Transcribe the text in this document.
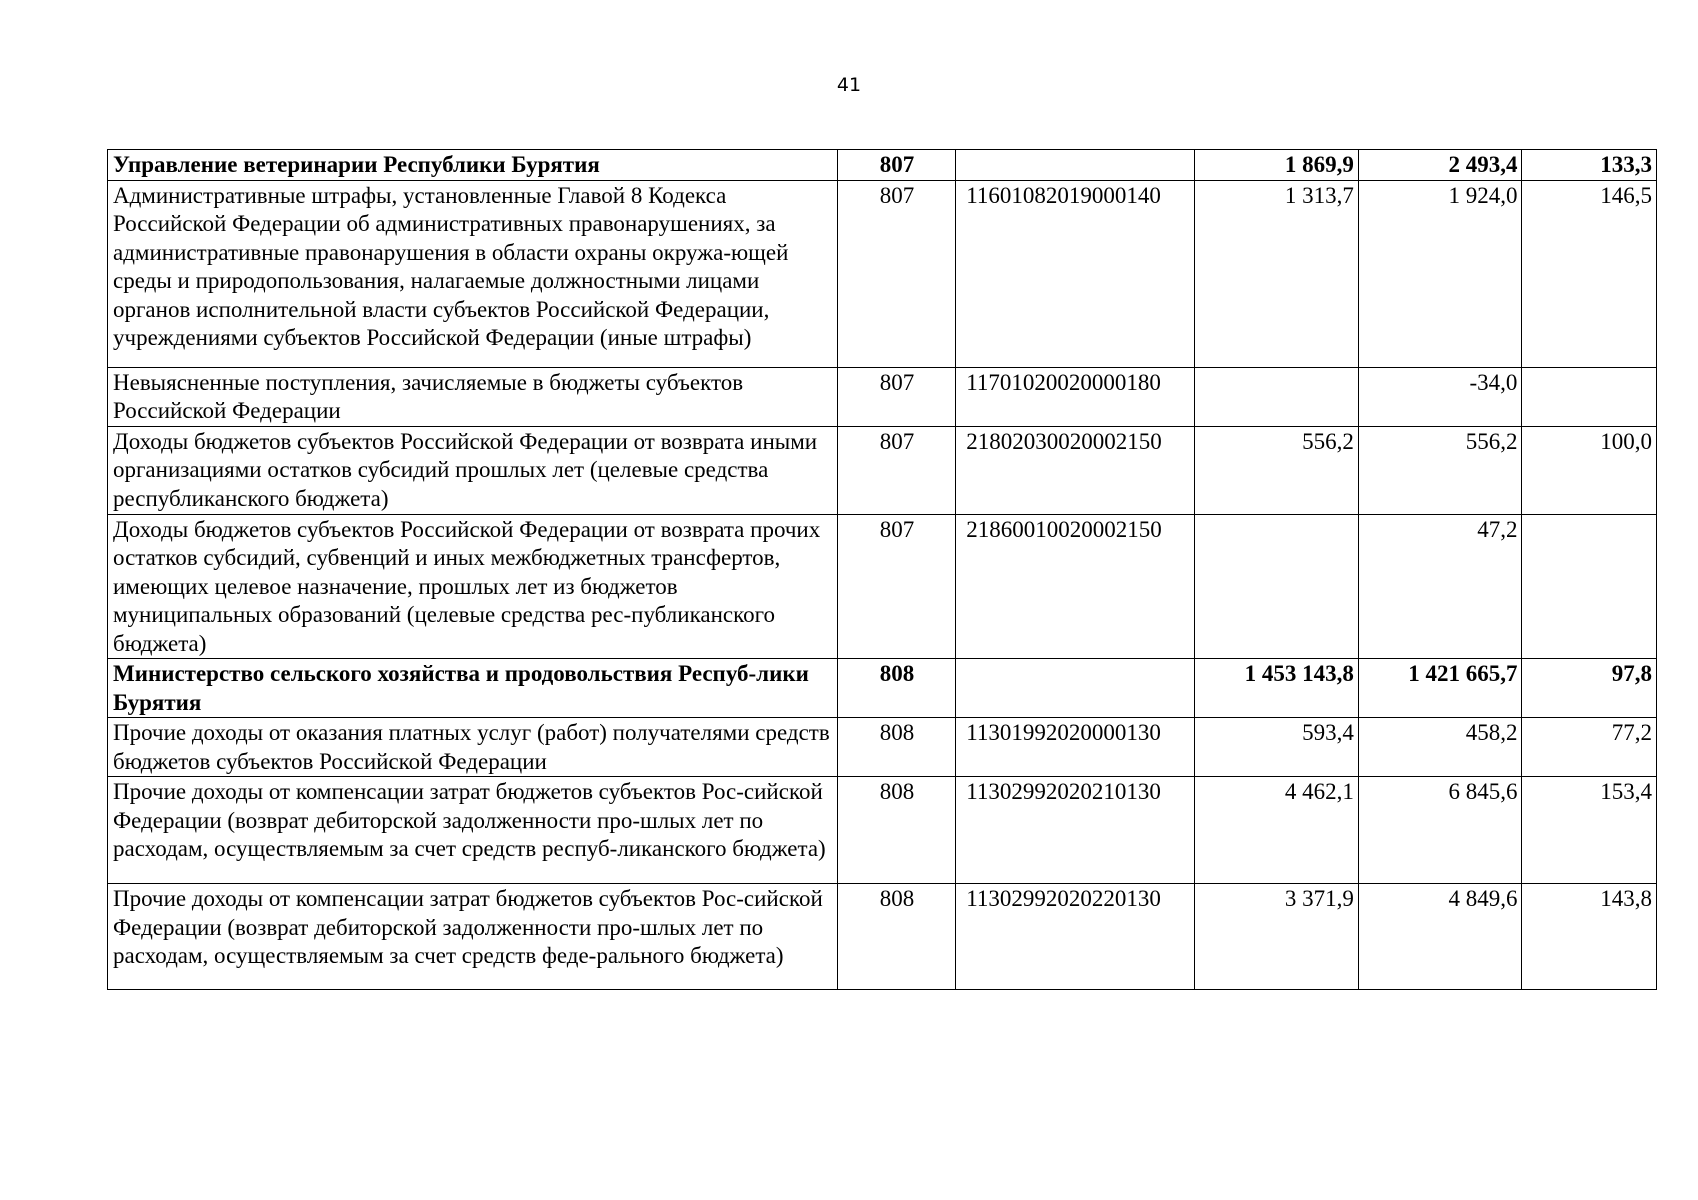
41
Управление ветеринарии Республики Бурятия	807		1 869,9	2 493,4	133,3
Административные штрафы, установленные Главой 8 Кодекса Российской Федерации об административных правонарушениях, за административные правонарушения в области охраны окружа-ющей среды и природопользования, налагаемые должностными лицами органов исполнительной власти субъектов Российской Федерации, учреждениями субъектов Российской Федерации (иные штрафы)	807	11601082019000140	1 313,7	1 924,0	146,5
Невыясненные поступления, зачисляемые в бюджеты субъектов Российской Федерации	807	11701020020000180		-34,0	
Доходы бюджетов субъектов Российской Федерации от возврата иными организациями остатков субсидий прошлых лет (целевые средства республиканского бюджета)	807	21802030020002150	556,2	556,2	100,0
Доходы бюджетов субъектов Российской Федерации от возврата прочих остатков субсидий, субвенций и иных межбюджетных трансфертов, имеющих целевое назначение, прошлых лет из бюджетов муниципальных образований (целевые средства рес-публиканского бюджета)	807	21860010020002150		47,2	
Министерство сельского хозяйства и продовольствия Респуб-лики Бурятия	808		1 453 143,8	1 421 665,7	97,8
Прочие доходы от оказания платных услуг (работ) получателями средств бюджетов субъектов Российской Федерации	808	11301992020000130	593,4	458,2	77,2
Прочие доходы от компенсации затрат бюджетов субъектов Рос-сийской Федерации (возврат дебиторской задолженности про-шлых лет по расходам, осуществляемым за счет средств респуб-ликанского бюджета)	808	11302992020210130	4 462,1	6 845,6	153,4
Прочие доходы от компенсации затрат бюджетов субъектов Рос-сийской Федерации (возврат дебиторской задолженности про-шлых лет по расходам, осуществляемым за счет средств феде-рального бюджета)	808	11302992020220130	3 371,9	4 849,6	143,8
